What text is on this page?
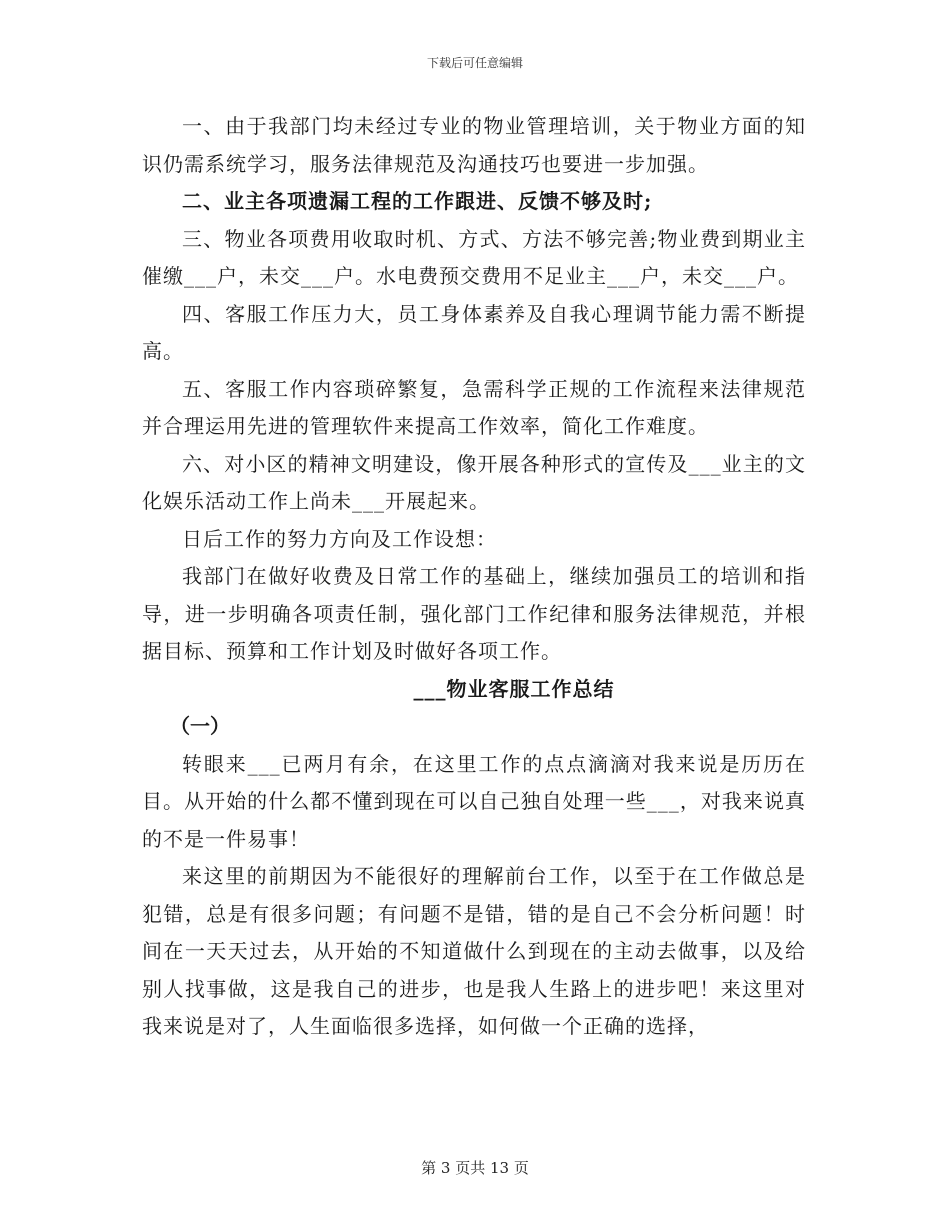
下载后可任意编辑

一、由于我部门均未经过专业的物业管理培训，关于物业方面的知识仍需系统学习，服务法律规范及沟通技巧也要进一步加强。

二、业主各项遗漏工程的工作跟进、反馈不够及时;

三、物业各项费用收取时机、方式、方法不够完善;物业费到期业主催缴___户，未交___户。水电费预交费用不足业主___户，未交___户。

四、客服工作压力大，员工身体素养及自我心理调节能力需不断提高。

五、客服工作内容琐碎繁复，急需科学正规的工作流程来法律规范并合理运用先进的管理软件来提高工作效率，简化工作难度。

六、对小区的精神文明建设，像开展各种形式的宣传及___业主的文化娱乐活动工作上尚未___开展起来。

日后工作的努力方向及工作设想：

我部门在做好收费及日常工作的基础上，继续加强员工的培训和指导，进一步明确各项责任制，强化部门工作纪律和服务法律规范，并根据目标、预算和工作计划及时做好各项工作。

___物业客服工作总结

（一）

转眼来___已两月有余，在这里工作的点点滴滴对我来说是历历在目。从开始的什么都不懂到现在可以自己独自处理一些___，对我来说真的不是一件易事！

来这里的前期因为不能很好的理解前台工作，以至于在工作做总是犯错，总是有很多问题；有问题不是错，错的是自己不会分析问题！时间在一天天过去，从开始的不知道做什么到现在的主动去做事，以及给别人找事做，这是我自己的进步，也是我人生路上的进步吧！来这里对我来说是对了，人生面临很多选择，如何做一个正确的选择，

第 3 页共 13 页
